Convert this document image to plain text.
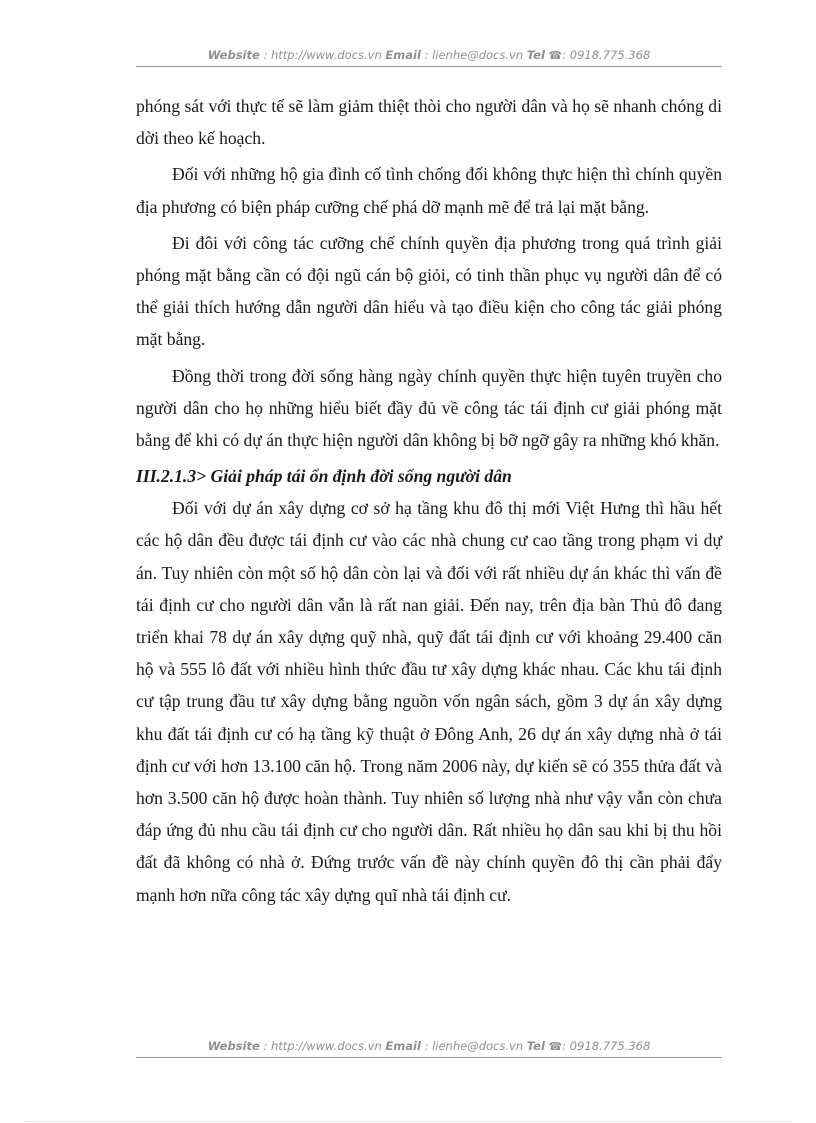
Website : http://www.docs.vn Email : lienhe@docs.vn Tel ☎: 0918.775.368

phóng sát với thực tế sẽ làm giảm thiệt thòi cho người dân và họ sẽ nhanh chóng di dời theo kế hoạch.

Đối với những hộ gia đình cố tình chống đối không thực hiện thì chính quyền địa phương có biện pháp cưỡng chế phá dỡ mạnh mẽ để trả lại mặt bằng.

Đi đôi với công tác cưỡng chế chính quyền địa phương trong quá trình giải phóng mặt bằng cần có đội ngũ cán bộ giỏi, có tinh thần phục vụ người dân để có thể giải thích hướng dẫn người dân hiểu và tạo điều kiện cho công tác giải phóng mặt bằng.

Đồng thời trong đời sống hàng ngày chính quyền thực hiện tuyên truyền cho người dân cho họ những hiểu biết đầy đủ về công tác tái định cư giải phóng mặt bằng để khi có dự án thực hiện người dân không bị bỡ ngỡ gây ra những khó khăn.

III.2.1.3> Giải pháp tái ổn định đời sống người dân

Đối với dự án xây dựng cơ sở hạ tầng khu đô thị mới Việt Hưng thì hầu hết các hộ dân đều được tái định cư vào các nhà chung cư cao tầng trong phạm vi dự án. Tuy nhiên còn một số hộ dân còn lại và đối với rất nhiều dự án khác thì vấn đề tái định cư cho người dân vẫn là rất nan giải. Đến nay, trên địa bàn Thủ đô đang triển khai 78 dự án xây dựng quỹ nhà, quỹ đất tái định cư với khoảng 29.400 căn hộ và 555 lô đất với nhiều hình thức đầu tư xây dựng khác nhau. Các khu tái định cư tập trung đầu tư xây dựng bằng nguồn vốn ngân sách, gồm 3 dự án xây dựng khu đất tái định cư có hạ tầng kỹ thuật ở Đông Anh, 26 dự án xây dựng nhà ở tái định cư với hơn 13.100 căn hộ. Trong năm 2006 này, dự kiến sẽ có 355 thửa đất và hơn 3.500 căn hộ được hoàn thành. Tuy nhiên số lượng nhà như vậy vẫn còn chưa đáp ứng đủ nhu cầu tái định cư cho người dân. Rất nhiều họ dân sau khi bị thu hồi đất đã không có nhà ở. Đứng trước vấn đề này chính quyền đô thị cần phải đẩy mạnh hơn nữa công tác xây dựng quĩ nhà tái định cư.

Website : http://www.docs.vn Email : lienhe@docs.vn Tel ☎: 0918.775.368
